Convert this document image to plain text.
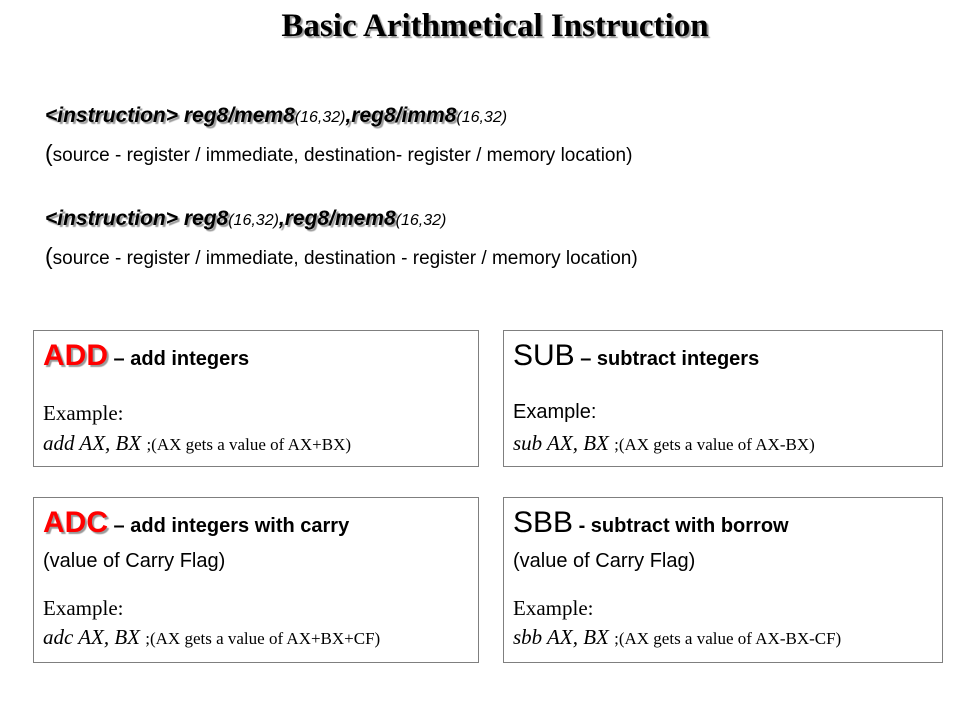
Basic Arithmetical Instruction
<instruction> reg8/mem8(16,32),reg8/imm8(16,32)
(source - register / immediate, destination- register / memory location)
<instruction> reg8(16,32),reg8/mem8(16,32)
(source - register / immediate, destination - register / memory location)
ADD – add integers
Example:
add AX, BX ;(AX gets a value of AX+BX)
SUB – subtract integers
Example:
sub AX, BX ;(AX gets a value of AX-BX)
ADC – add integers with carry
(value of Carry Flag)
Example:
adc AX, BX ;(AX gets a value of AX+BX+CF)
SBB - subtract with borrow
(value of Carry Flag)
Example:
sbb AX, BX ;(AX gets a value of AX-BX-CF)
